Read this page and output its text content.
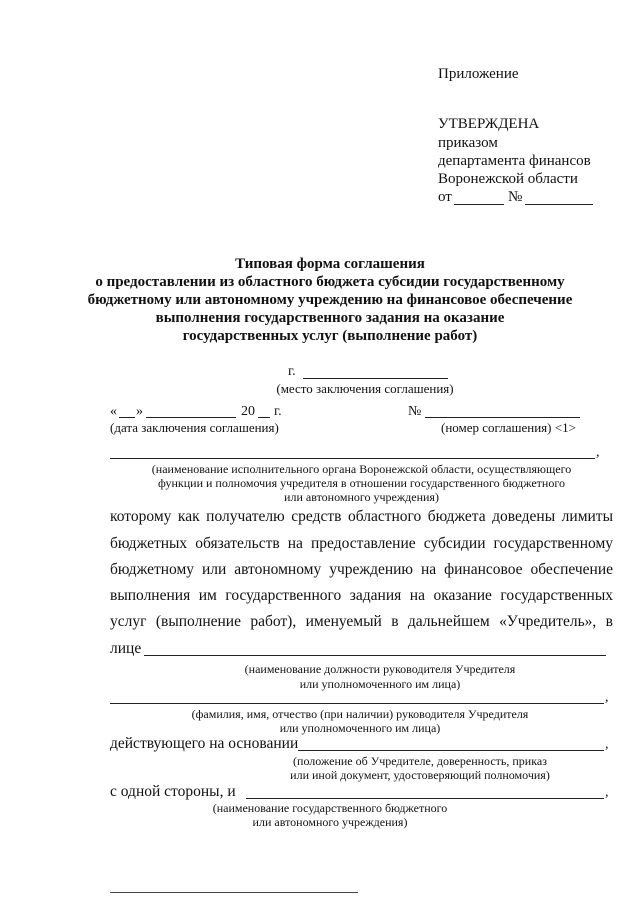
Приложение
УТВЕРЖДЕНА
приказом
департамента финансов
Воронежской области
от	№
Типовая форма соглашения
о предоставлении из областного бюджета субсидии государственному
бюджетному или автономному учреждению на финансовое обеспечение
выполнения государственного задания на оказание
государственных услуг (выполнение работ)
г.
(место заключения соглашения)
« »	20 г.
(дата заключения соглашения)
№
(номер соглашения) <1>
,
(наименование исполнительного органа Воронежской области, осуществляющего
функции и полномочия учредителя в отношении государственного бюджетного
или автономного учреждения)
которому как получателю средств областного бюджета доведены лимиты
бюджетных обязательств на предоставление субсидии государственному
бюджетному или автономному учреждению на финансовое обеспечение
выполнения им государственного задания на оказание государственных
услуг (выполнение работ), именуемый в дальнейшем «Учредитель», в
лице
(наименование должности руководителя Учредителя
или уполномоченного им лица)
,
(фамилия, имя, отчество (при наличии) руководителя Учредителя
или уполномоченного им лица)
действующего на основании	,
(положение об Учредителе, доверенность, приказ
или иной документ, удостоверяющий полномочия)
с одной стороны, и	,
(наименование государственного бюджетного
или автономного учреждения)
